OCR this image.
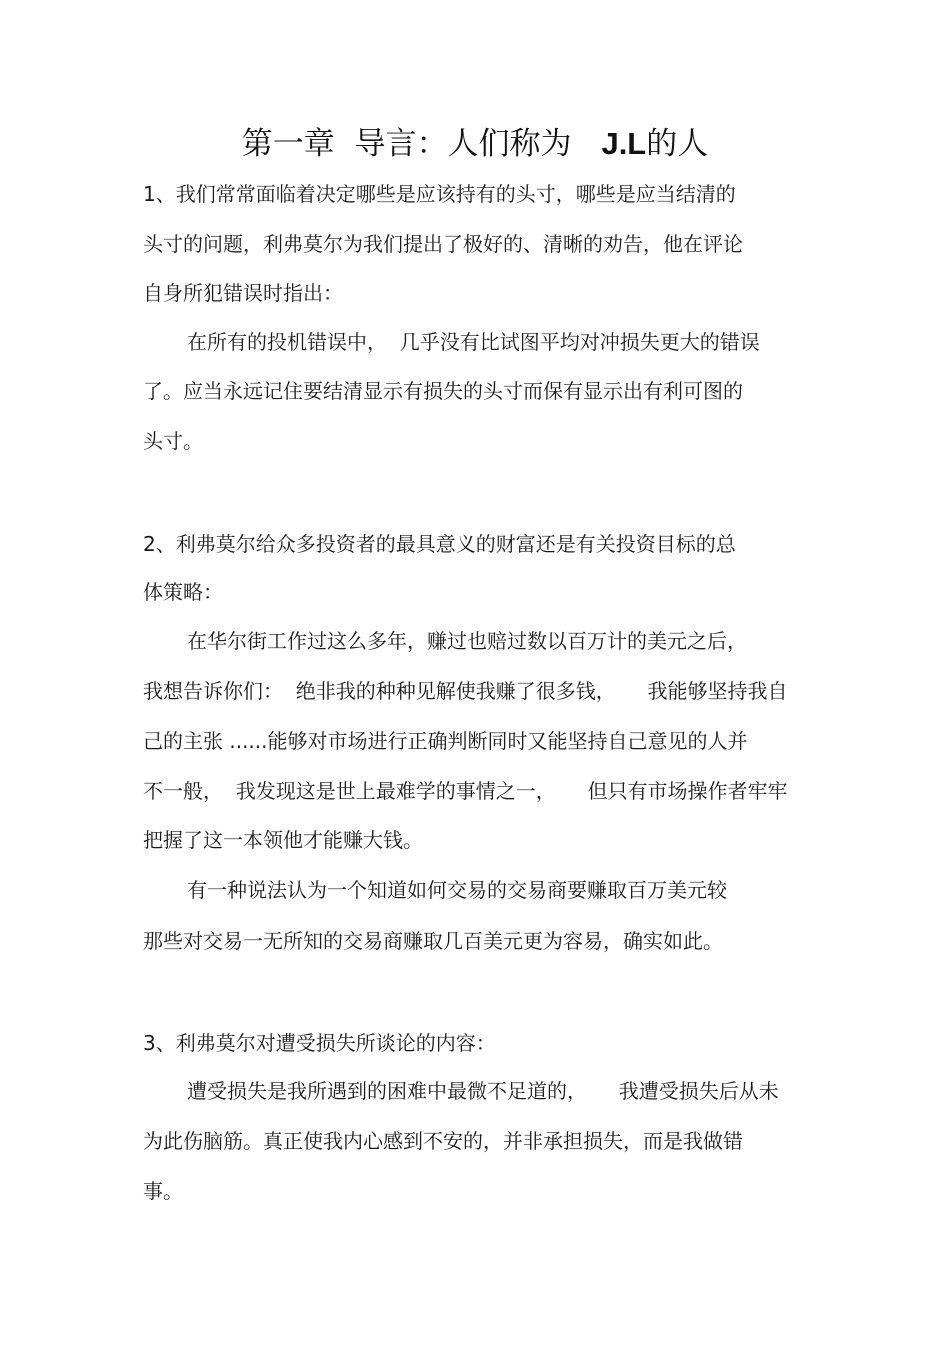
第一章  导言：人们称为 J.L的人
1、我们常常面临着决定哪些是应该持有的头寸，哪些是应当结清的
头寸的问题，利弗莫尔为我们提出了极好的、清晰的劝告，他在评论
自身所犯错误时指出：
在所有的投机错误中，  几乎没有比试图平均对冲损失更大的错误
了。应当永远记住要结清显示有损失的头寸而保有显示出有利可图的
头寸。
2、利弗莫尔给众多投资者的最具意义的财富还是有关投资目标的总
体策略：
在华尔街工作过这么多年，赚过也赔过数以百万计的美元之后，
我想告诉你们：  绝非我的种种见解使我赚了很多钱，     我能够坚持我自
己的主张 ......能够对市场进行正确判断同时又能坚持自己意见的人并
不一般，  我发现这是世上最难学的事情之一，     但只有市场操作者牢牢
把握了这一本领他才能赚大钱。
有一种说法认为一个知道如何交易的交易商要赚取百万美元较
那些对交易一无所知的交易商赚取几百美元更为容易，确实如此。
3、利弗莫尔对遭受损失所谈论的内容：
遭受损失是我所遇到的困难中最微不足道的，     我遭受损失后从未
为此伤脑筋。真正使我内心感到不安的，并非承担损失，而是我做错
事。
